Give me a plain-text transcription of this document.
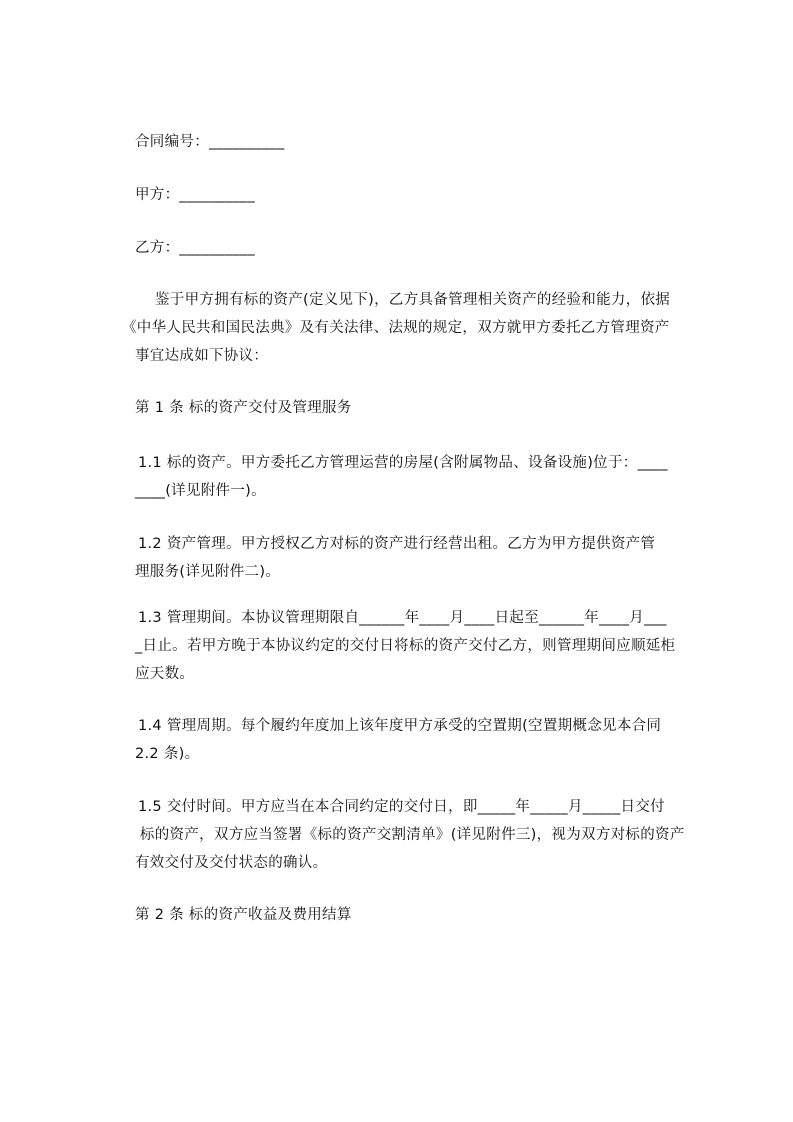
合同编号：__________
甲方：__________
乙方：__________
鉴于甲方拥有标的资产(定义见下)，乙方具备管理相关资产的经验和能力，依据
《中华人民共和国民法典》及有关法律、法规的规定，双方就甲方委托乙方管理资产
事宜达成如下协议：
第 1 条 标的资产交付及管理服务
1.1 标的资产。甲方委托乙方管理运营的房屋(含附属物品、设备设施)位于：____
____(详见附件一)。
1.2 资产管理。甲方授权乙方对标的资产进行经营出租。乙方为甲方提供资产管
理服务(详见附件二)。
1.3 管理期间。本协议管理期限自______年____月____日起至______年____月___
_日止。若甲方晚于本协议约定的交付日将标的资产交付乙方，则管理期间应顺延柜
应天数。
1.4 管理周期。每个履约年度加上该年度甲方承受的空置期(空置期概念见本合同
2.2 条)。
1.5 交付时间。甲方应当在本合同约定的交付日，即_____年_____月_____日交付
标的资产，双方应当签署《标的资产交割清单》(详见附件三)，视为双方对标的资产
有效交付及交付状态的确认。
第 2 条 标的资产收益及费用结算
